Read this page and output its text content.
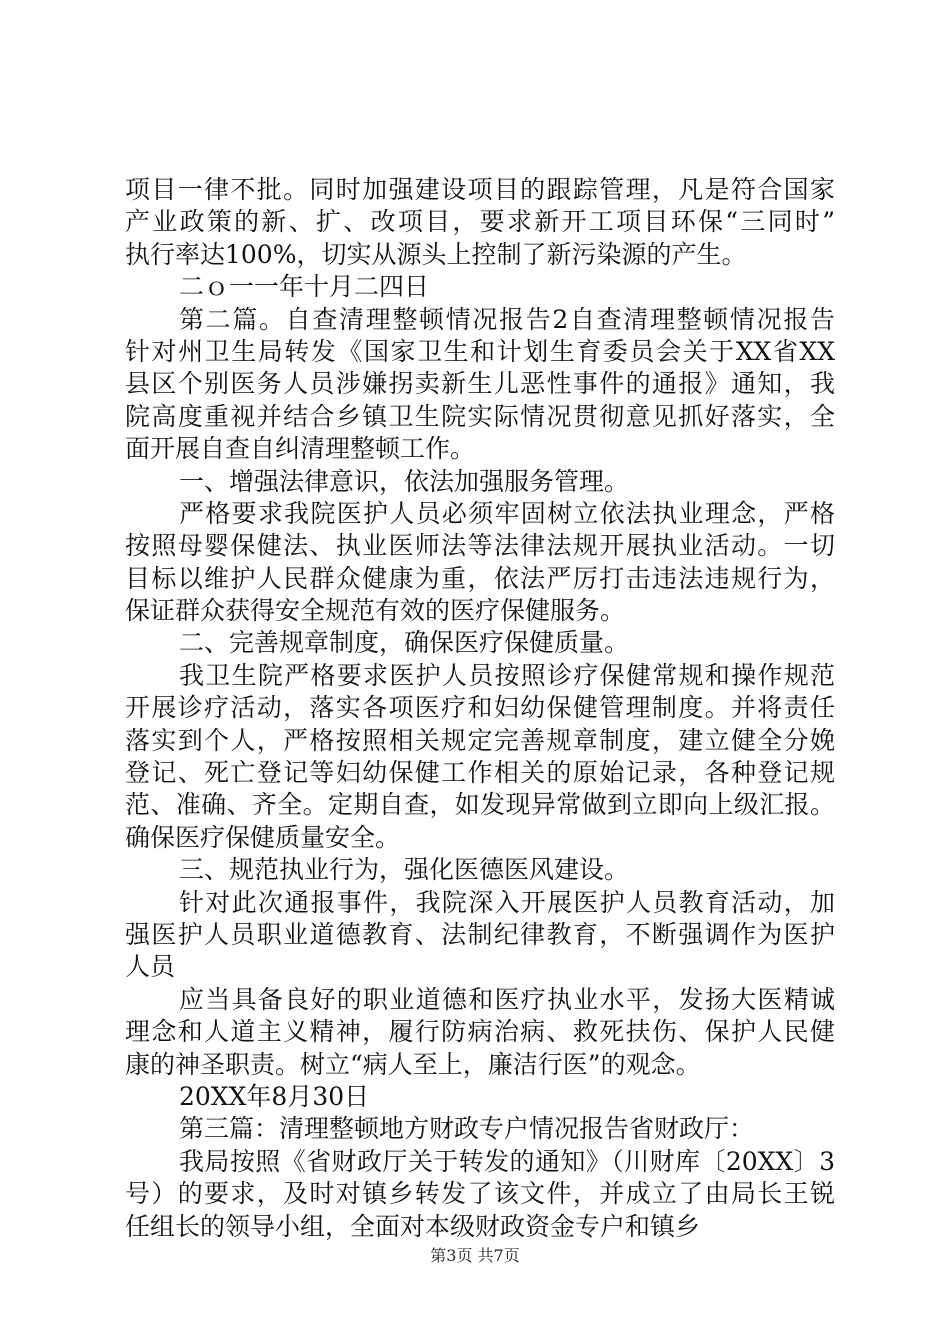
项目一律不批。同时加强建设项目的跟踪管理，凡是符合国家
产业政策的新、扩、改项目，要求新开工项目环保“三同时”
执行率达100%，切实从源头上控制了新污染源的产生。
二ｏ一一年十月二四日
第二篇。自查清理整顿情况报告2自查清理整顿情况报告
针对州卫生局转发《国家卫生和计划生育委员会关于XX省XX
县区个别医务人员涉嫌拐卖新生儿恶性事件的通报》通知，我
院高度重视并结合乡镇卫生院实际情况贯彻意见抓好落实，全
面开展自查自纠清理整顿工作。
一、增强法律意识，依法加强服务管理。
严格要求我院医护人员必须牢固树立依法执业理念，严格
按照母婴保健法、执业医师法等法律法规开展执业活动。一切
目标以维护人民群众健康为重，依法严厉打击违法违规行为，
保证群众获得安全规范有效的医疗保健服务。
二、完善规章制度，确保医疗保健质量。
我卫生院严格要求医护人员按照诊疗保健常规和操作规范
开展诊疗活动，落实各项医疗和妇幼保健管理制度。并将责任
落实到个人，严格按照相关规定完善规章制度，建立健全分娩
登记、死亡登记等妇幼保健工作相关的原始记录，各种登记规
范、准确、齐全。定期自查，如发现异常做到立即向上级汇报。
确保医疗保健质量安全。
三、规范执业行为，强化医德医风建设。
针对此次通报事件，我院深入开展医护人员教育活动，加
强医护人员职业道德教育、法制纪律教育，不断强调作为医护
人员
应当具备良好的职业道德和医疗执业水平，发扬大医精诚
理念和人道主义精神，履行防病治病、救死扶伤、保护人民健
康的神圣职责。树立“病人至上，廉洁行医”的观念。
20XX年8月30日
第三篇：清理整顿地方财政专户情况报告省财政厅：
我局按照《省财政厅关于转发的通知》（川财库〔20XX〕3
号）的要求，及时对镇乡转发了该文件，并成立了由局长王锐
任组长的领导小组，全面对本级财政资金专户和镇乡
第3页 共7页
